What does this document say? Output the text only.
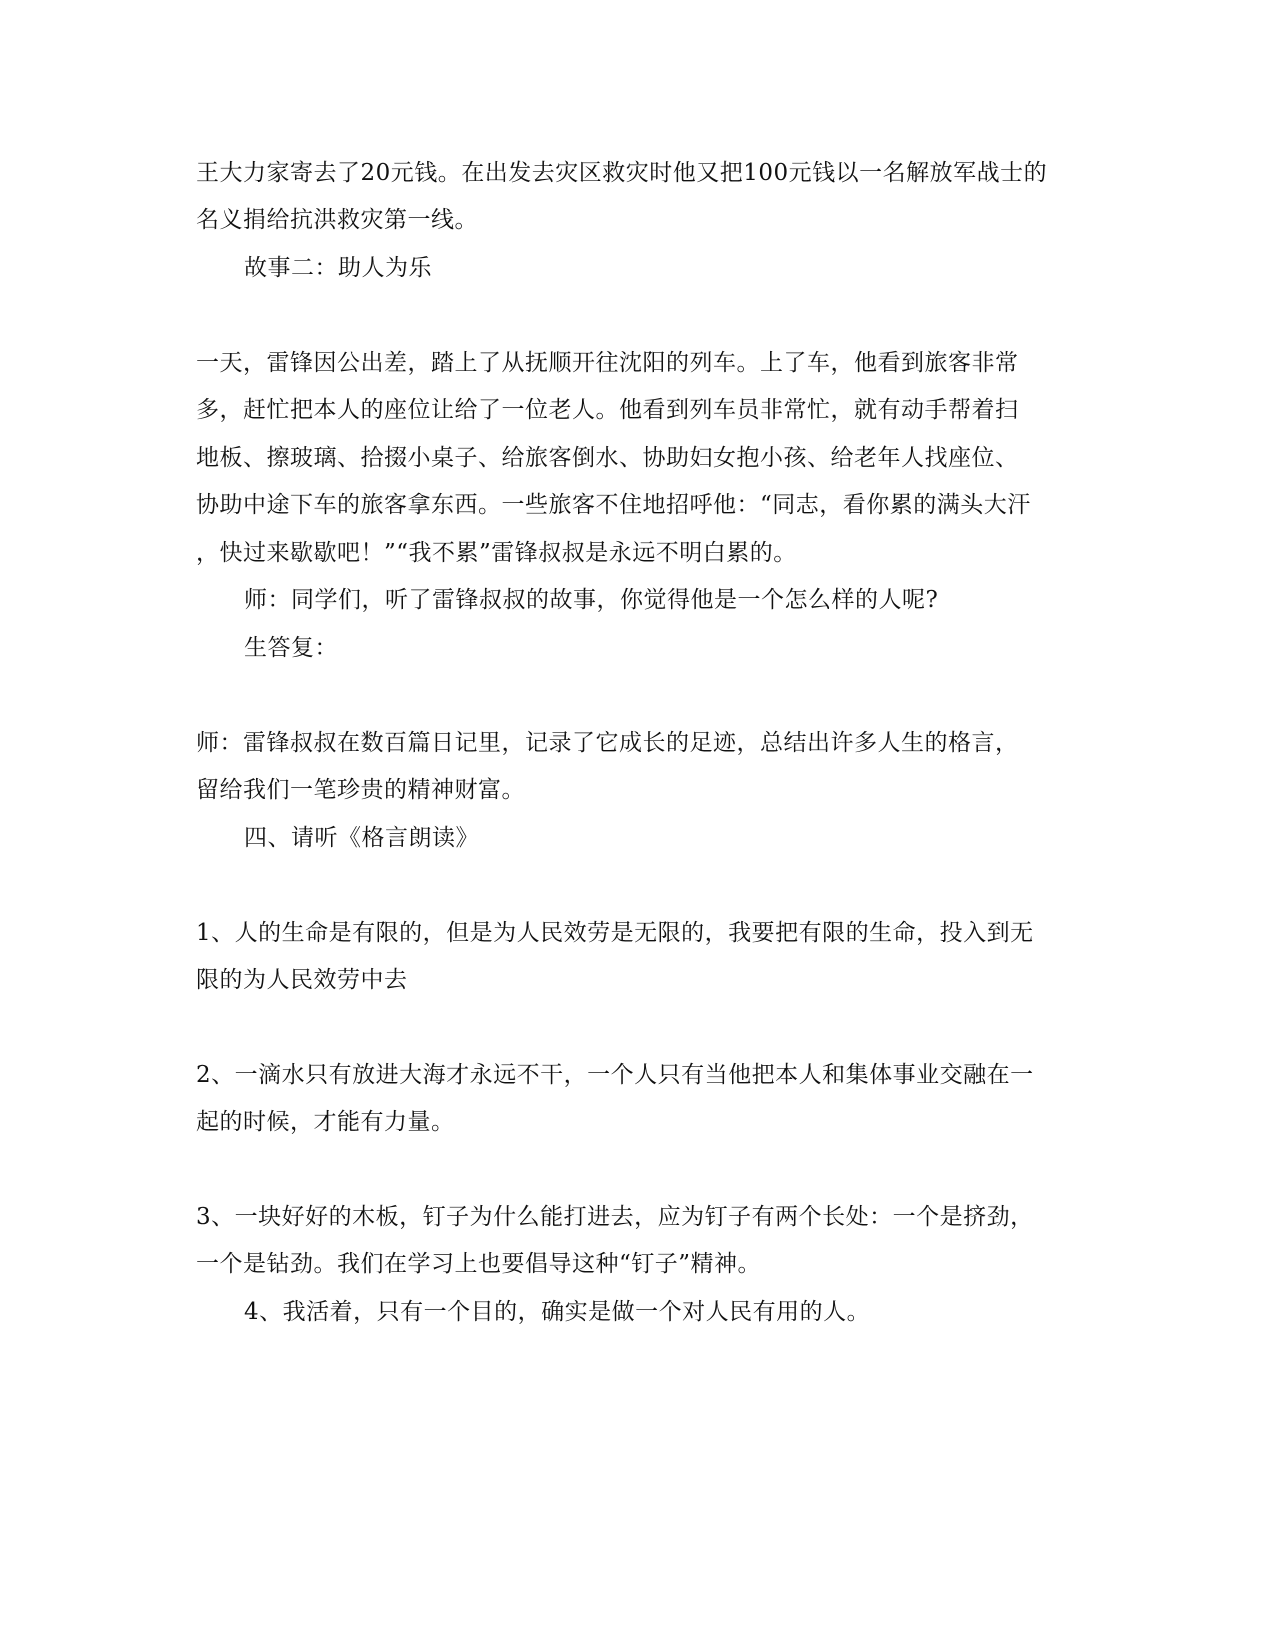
王大力家寄去了20元钱。在出发去灾区救灾时他又把100元钱以一名解放军战士的
名义捐给抗洪救灾第一线。
故事二：助人为乐
一天，雷锋因公出差，踏上了从抚顺开往沈阳的列车。上了车，他看到旅客非常
多，赶忙把本人的座位让给了一位老人。他看到列车员非常忙，就有动手帮着扫
地板、擦玻璃、拾掇小桌子、给旅客倒水、协助妇女抱小孩、给老年人找座位、
协助中途下车的旅客拿东西。一些旅客不住地招呼他：“同志，看你累的满头大汗
，快过来歇歇吧！”“我不累”雷锋叔叔是永远不明白累的。
师：同学们，听了雷锋叔叔的故事，你觉得他是一个怎么样的人呢?
生答复：
师：雷锋叔叔在数百篇日记里，记录了它成长的足迹，总结出许多人生的格言，
留给我们一笔珍贵的精神财富。
四、请听《格言朗读》
1、人的生命是有限的，但是为人民效劳是无限的，我要把有限的生命，投入到无
限的为人民效劳中去
2、一滴水只有放进大海才永远不干，一个人只有当他把本人和集体事业交融在一
起的时候，才能有力量。
3、一块好好的木板，钉子为什么能打进去，应为钉子有两个长处：一个是挤劲，
一个是钻劲。我们在学习上也要倡导这种“钉子”精神。
4、我活着，只有一个目的，确实是做一个对人民有用的人。
